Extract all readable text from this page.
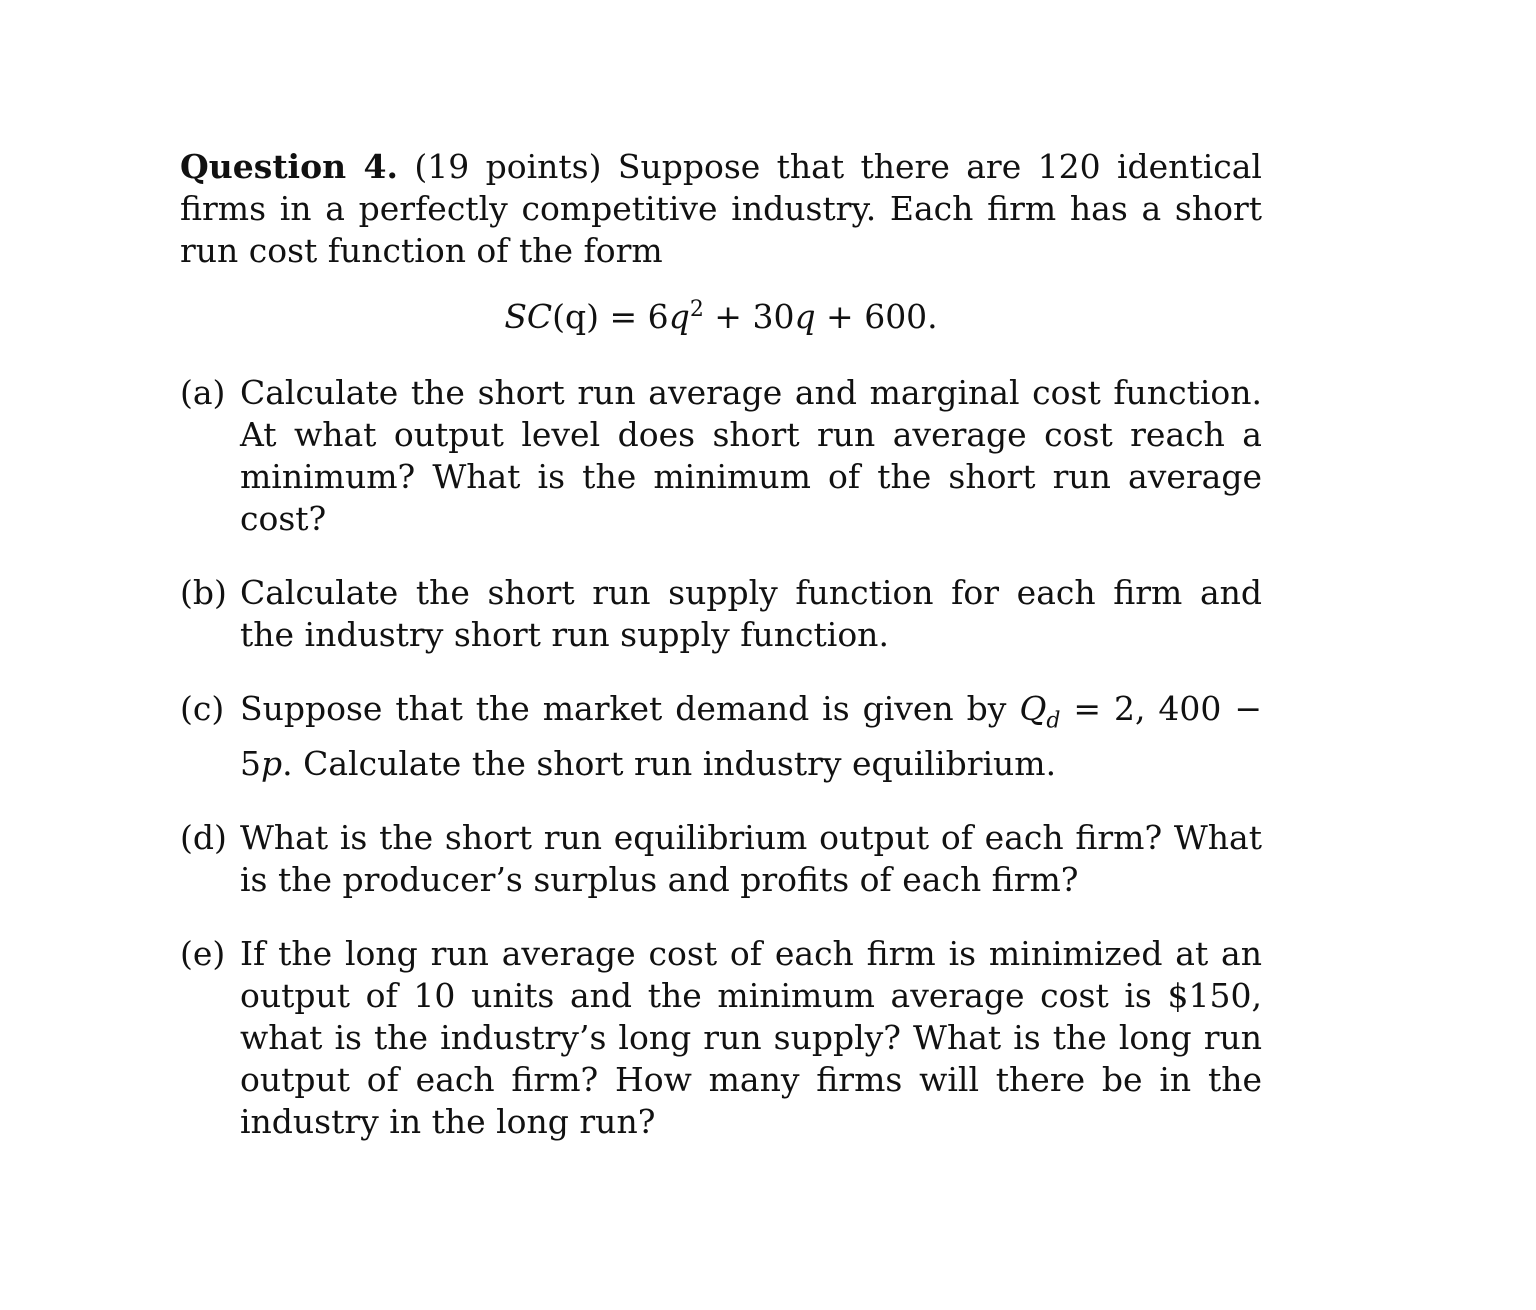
Question 4. (19 points) Suppose that there are 120 identical firms in a perfectly competitive industry. Each firm has a short run cost function of the form

$SC(q) = 6q^2 + 30q + 600$.
(a) Calculate the short run average and marginal cost function. At what output level does short run average cost reach a minimum? What is the minimum of the short run average cost?
(b) Calculate the short run supply function for each firm and the industry short run supply function.
(c) Suppose that the market demand is given by $Q_d = 2$, 400 − 5p. Calculate the short run industry equilibrium.
(d) What is the short run equilibrium output of each firm? What is the producer’s surplus and profits of each firm?
(e) If the long run average cost of each firm is minimized at an output of 10 units and the minimum average cost is $150, what is the industry’s long run supply? What is the long run output of each firm? How many firms will there be in the industry in the long run?
